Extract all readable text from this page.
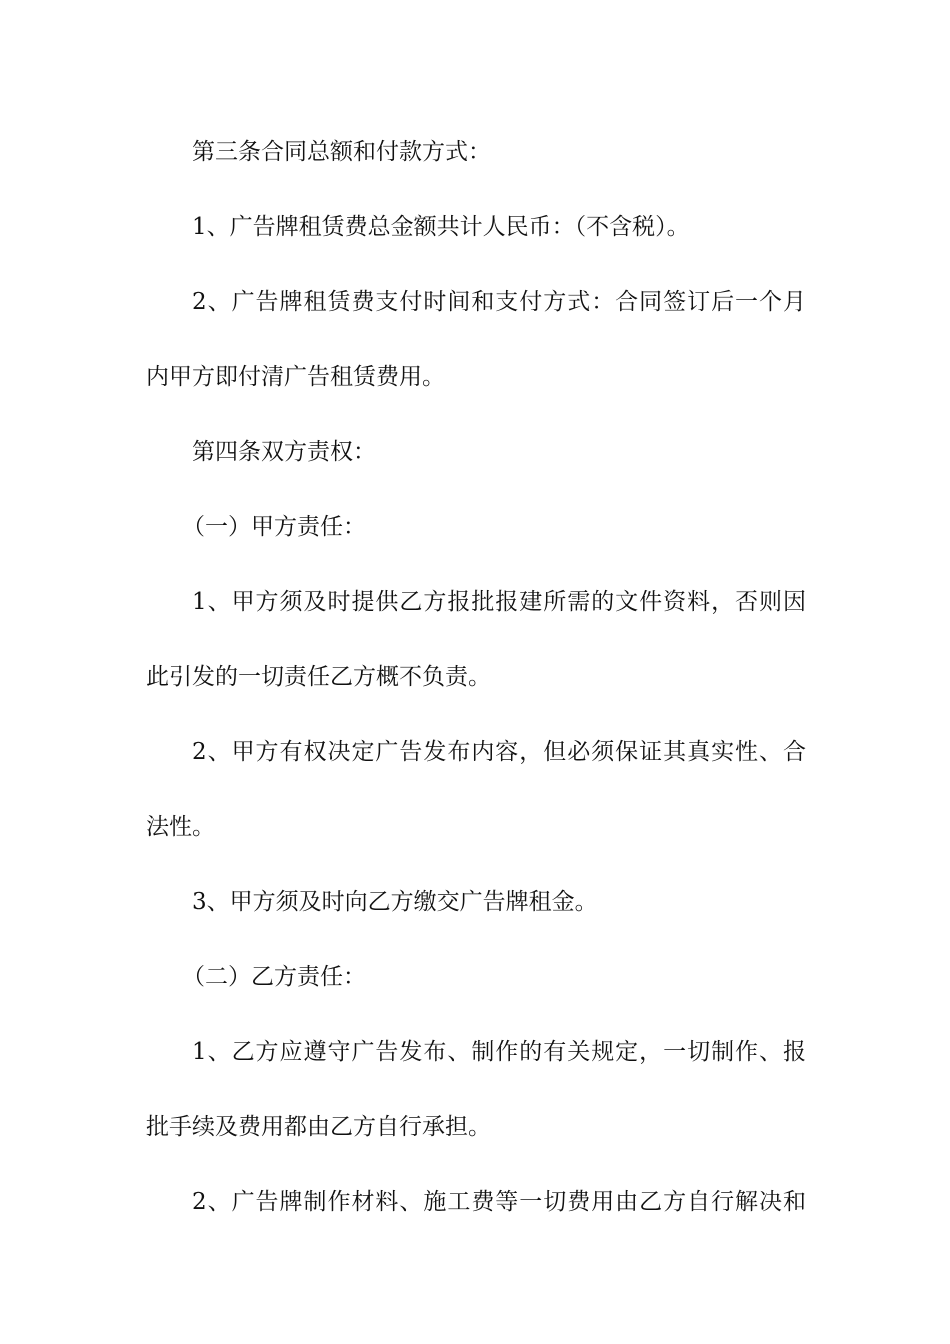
第三条合同总额和付款方式：
1、广告牌租赁费总金额共计人民币：（不含税）。
2、广告牌租赁费支付时间和支付方式：合同签订后一个月
内甲方即付清广告租赁费用。
第四条双方责权：
（一）甲方责任：
1、甲方须及时提供乙方报批报建所需的文件资料，否则因
此引发的一切责任乙方概不负责。
2、甲方有权决定广告发布内容，但必须保证其真实性、合
法性。
3、甲方须及时向乙方缴交广告牌租金。
（二）乙方责任：
1、乙方应遵守广告发布、制作的有关规定，一切制作、报
批手续及费用都由乙方自行承担。
2、广告牌制作材料、施工费等一切费用由乙方自行解决和
